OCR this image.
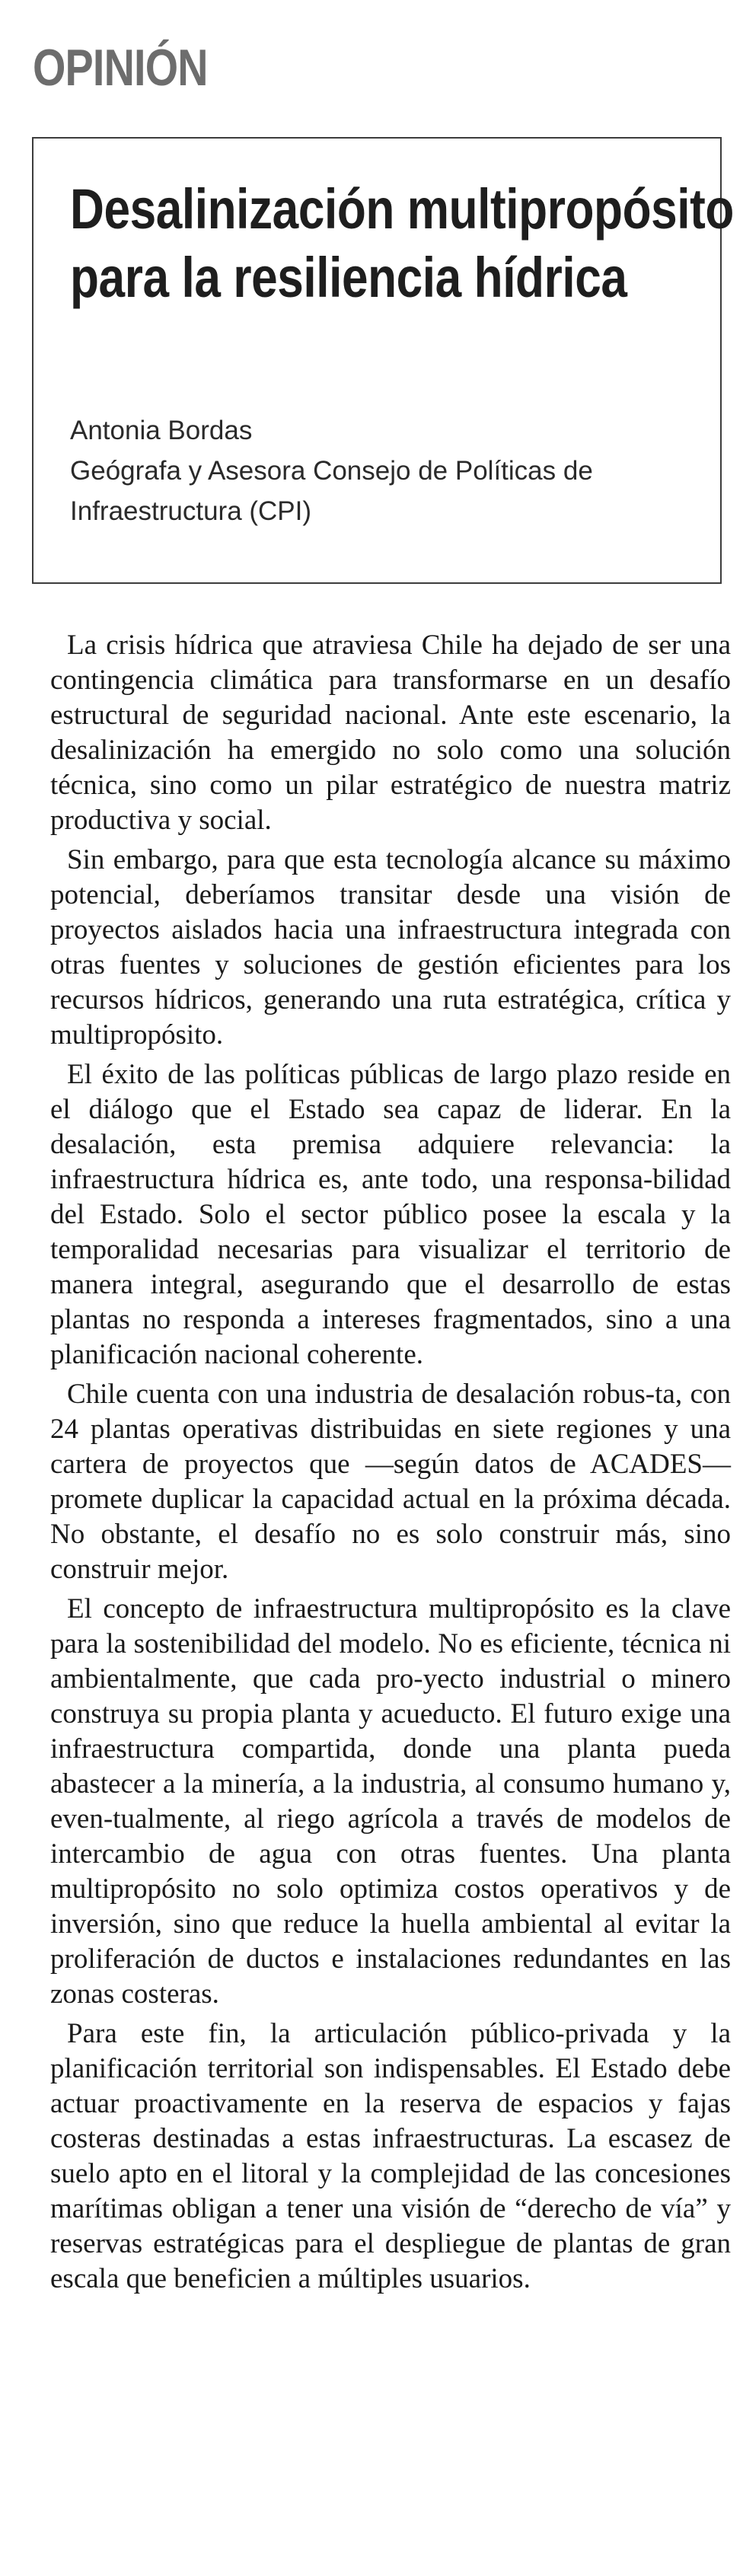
OPINIÓN
Desalinización multipropósito para la resiliencia hídrica
Antonia Bordas
Geógrafa y Asesora Consejo de Políticas de
Infraestructura (CPI)

La crisis hídrica que atraviesa Chile ha dejado de ser una contingencia climática para transformarse en un desafío estructural de seguridad nacional. Ante este escenario, la desalinización ha emergido no solo como una solución técnica, sino como un pilar estratégico de nuestra matriz productiva y social.

Sin embargo, para que esta tecnología alcance su máximo potencial, deberíamos transitar desde una visión de proyectos aislados hacia una infraestructura integrada con otras fuentes y soluciones de gestión eficientes para los recursos hídricos, generando una ruta estratégica, crítica y multipropósito.

El éxito de las políticas públicas de largo plazo reside en el diálogo que el Estado sea capaz de liderar. En la desalación, esta premisa adquiere relevancia: la infraestructura hídrica es, ante todo, una responsa-bilidad del Estado. Solo el sector público posee la escala y la temporalidad necesarias para visualizar el territorio de manera integral, asegurando que el desarrollo de estas plantas no responda a intereses fragmentados, sino a una planificación nacional coherente.

Chile cuenta con una industria de desalación robus-ta, con 24 plantas operativas distribuidas en siete regiones y una cartera de proyectos que —según datos de ACADES— promete duplicar la capacidad actual en la próxima década. No obstante, el desafío no es solo construir más, sino construir mejor.

El concepto de infraestructura multipropósito es la clave para la sostenibilidad del modelo. No es eficiente, técnica ni ambientalmente, que cada pro-yecto industrial o minero construya su propia planta y acueducto. El futuro exige una infraestructura compartida, donde una planta pueda abastecer a la minería, a la industria, al consumo humano y, even-tualmente, al riego agrícola a través de modelos de intercambio de agua con otras fuentes. Una planta multipropósito no solo optimiza costos operativos y de inversión, sino que reduce la huella ambiental al evitar la proliferación de ductos e instalaciones redundantes en las zonas costeras.

Para este fin, la articulación público-privada y la planificación territorial son indispensables. El Estado debe actuar proactivamente en la reserva de espacios y fajas costeras destinadas a estas infraestructuras. La escasez de suelo apto en el litoral y la complejidad de las concesiones marítimas obligan a tener una visión de “derecho de vía” y reservas estratégicas para el despliegue de plantas de gran escala que beneficien a múltiples usuarios.
